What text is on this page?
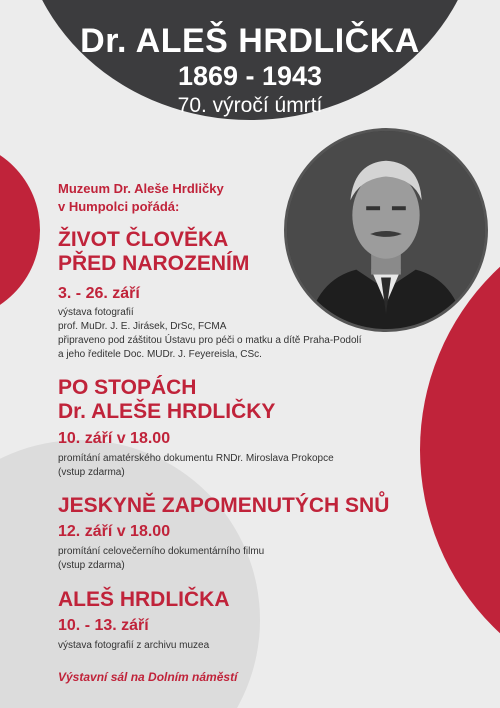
Dr. ALEŠ HRDLIČKA
1869 - 1943
70. výročí úmrtí
Muzeum Dr. Aleše Hrdličky
v Humpolci pořádá:
ŽIVOT ČLOVĚKA
PŘED NAROZENÍM
3. - 26. září
výstava fotografií
prof. MuDr. J. E. Jirásek, DrSc, FCMA
připraveno pod záštitou Ústavu pro péči o matku a dítě Praha-Podolí
a jeho ředitele Doc. MUDr. J. Feyereisla, CSc.
PO STOPÁCH
Dr. ALEŠE HRDLIČKY
10. září v 18.00
promítání amatérského dokumentu RNDr. Miroslava Prokopce
(vstup zdarma)
JESKYNĚ ZAPOMENUTÝCH SNŮ
12. září v 18.00
promítání celovečerního dokumentárního filmu
(vstup zdarma)
ALEŠ HRDLIČKA
10. - 13. září
výstava fotografií z archivu muzea
Výstavní sál na Dolním náměstí
